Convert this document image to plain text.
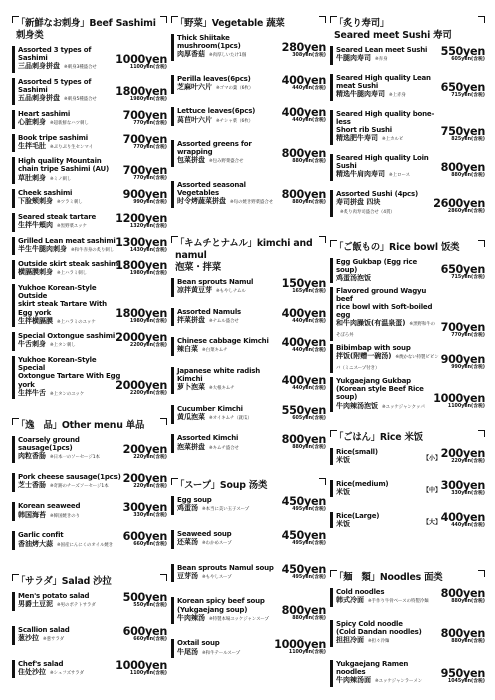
「新鮮なお刺身」Beef Sashimi 刺身类
Assorted 3 types of Sashimi
三品刺身拼盘 ※刺身3種盛合せ
1000yen
1100yen(含税)
Assorted 5 types of Sashimi
五品刺身拼盘 ※刺身5種盛合せ
1800yen
1980yen(含税)
Heart sashimi
心脏刺身 ※超新鮮なハツ刺し
700yen
770yen(含税)
Book tripe sashimi
生拌毛肚 ※ぷりぷり生センマイ
700yen
770yen(含税)
High quality Mountain
chain tripe Sashimi (AU)
草肚刺身 ※ミノ刺し
700yen
770yen(含税)
Cheek sashimi
下脸颊刺身 ※ツラミ刺し
900yen
990yen(含税)
Seared steak tartare
生拌牛頬肉 ※黒野菜ユッケ
1200yen
1320yen(含税)
Grilled Lean meat sashimi
半生牛腿肉刺身 ※和牛赤身の炙り刺し
1300yen
1430yen(含税)
Outside skirt steak sashimi
横膈膜刺身 ※上ハラミ刺し
1800yen
1980yen(含税)
Yukhoe Korean-Style Outside
skirt steak Tartare With Egg york
生拌横膈膜 ※上ハラミのユッケ
1800yen
1980yen(含税)
Special Oxtongue sashimi
牛舌刺身 ※上タン刺し
2000yen
2200yen(含税)
Yukhoe Korean-Style Special
Oxtongue Tartare With Egg york
生拌牛舌 ※上タンのユッケ
2000yen
2200yen(含税)
「逸　品」Other menu 单品
Coarsely ground sausage(1pcs)
肉粒香肠 ※日本一のソーセージ1本
200yen
220yen(含税)
Pork cheese sausage(1pcs)
芝士香肠 ※奇跡のチーズソーセージ1本
200yen
220yen(含税)
Korean seaweed
韩国海苔 ※韓国焼きのり
300yen
330yen(含税)
Garlic confit
香油烤大蒜 ※国産にんにくのオイル焼き
600yen
660yen(含税)
「サラダ」Salad 沙拉
Men's potato salad
男爵土豆泥 ※男のポテトサラダ
500yen
550yen(含税)
Scallion salad
葱沙拉 ※葱サラダ
600yen
660yen(含税)
Chef's salad
住处沙拉 ※シェフズサラダ
1000yen
1100yen(含税)
「野菜」Vegetable 蔬菜
Thick Shiitake mushroom(1pcs)
肉厚香菇 ※肉厚しいたけ1個
280yen
308yen(含税)
Perilla leaves(6pcs)
芝麻叶六片 ※ゴマの葉（6枚）
400yen
440yen(含税)
Lettuce leaves(6pcs)
莴苣叶六片 ※チシャ菜（6枚）
400yen
440yen(含税)
Assorted greens for wrapping
包菜拼盘 ※包み野菜盛合せ
800yen
880yen(含税)
Assorted seasonal Vegetables
时令烤蔬菜拼盘 ※旬の焼き野菜盛合せ
800yen
880yen(含税)
「キムチとナムル」kimchi and namul
泡菜・拌菜
Bean sprouts Namul
凉拌黄豆芽 ※もやしナムル
150yen
165yen(含税)
Assorted Namuls
拌菜拼盘 ※ナムル盛合せ
400yen
440yen(含税)
Chinese cabbage Kimchi
辣白菜 ※白菜キムチ
400yen
440yen(含税)
Japanese white radish Kimchi
萝卜泡菜 ※大根キムチ
400yen
440yen(含税)
Cucumber Kimchi
黄瓜泡菜 ※オイキムチ（就瓜）
550yen
605yen(含税)
Assorted Kimchi
泡菜拼盘 ※キムチ盛合せ
800yen
880yen(含税)
「スープ」Soup 汤类
Egg soup
鸡蛋汤 ※本当に美い玉子スープ
450yen
495yen(含税)
Seaweed soup
还菜汤 ※わかめスープ
450yen
495yen(含税)
Bean sprouts Namul soup
豆芽汤 ※もやしスープ
450yen
495yen(含税)
Korean spicy beef soup
(Yukgaejang soup)
牛肉辣汤 ※特製本場ユッケジャンスープ
800yen
880yen(含税)
Oxtail soup
牛尾汤 ※和牛テールスープ
1000yen
1100yen(含税)
「炙り寿司」
Seared meet Sushi 寿司
Seared Lean meet Sushi
牛腿肉寿司 ※赤身
550yen
605yen(含税)
Seared High quality Lean meat Sushi
精选牛腿肉寿司 ※上赤身
650yen
715yen(含税)
Seared High quality bone-less
Short rib Sushi
精选肥牛寿司 ※上カルビ
750yen
825yen(含税)
Seared High quality Loin Sushi
精选牛肩肉寿司 ※上ロース
800yen
880yen(含税)
Assorted Sushi (4pcs)
寿司拼盘 四块※炙り肉寿司盛合せ（4貫）
2600yen
2860yen(含税)
「ご飯もの」Rice bowl 饭类
Egg Gukbap (Egg rice soup)
鸡蛋汤泡饭
650yen
715yen(含税)
Flavored ground Wagyu beef
rice bowl with Soft-boiled egg
和牛肉臊饭(有温泉蛋) ※黒野和牛のそぼろ丼
700yen
770yen(含税)
Bibimbap with soup
拌饭(附赠一碗汤) ※焼かない特製ビビンバ（ミニスープ付き）
900yen
990yen(含税)
Yukgaejang Gukbap
(Korean style Beef Rice soup)
牛肉辣汤泡饭 ※ユッケジャンクッパ
1000yen
1100yen(含税)
「ごはん」Rice 米饭
Rice(small)
米饭	【小】 200yen
220yen(含税)
Rice(medium)
米饭	【中】 300yen
330yen(含税)
Rice(Large)
米饭	【大】 400yen
440yen(含税)
「麺　類」Noodles 面类
Cold noodles
韩式冷面 ※手作り牛骨ベースの特製冷麺
800yen
880yen(含税)
Spicy Cold noodle
(Cold Dandan noodles)
担担冷面 ※担々冷麺
800yen
880yen(含税)
Yukgaejang Ramen noodles
牛肉辣汤面 ※ユッケジャンラーメン
950yen
1045yen(含税)
